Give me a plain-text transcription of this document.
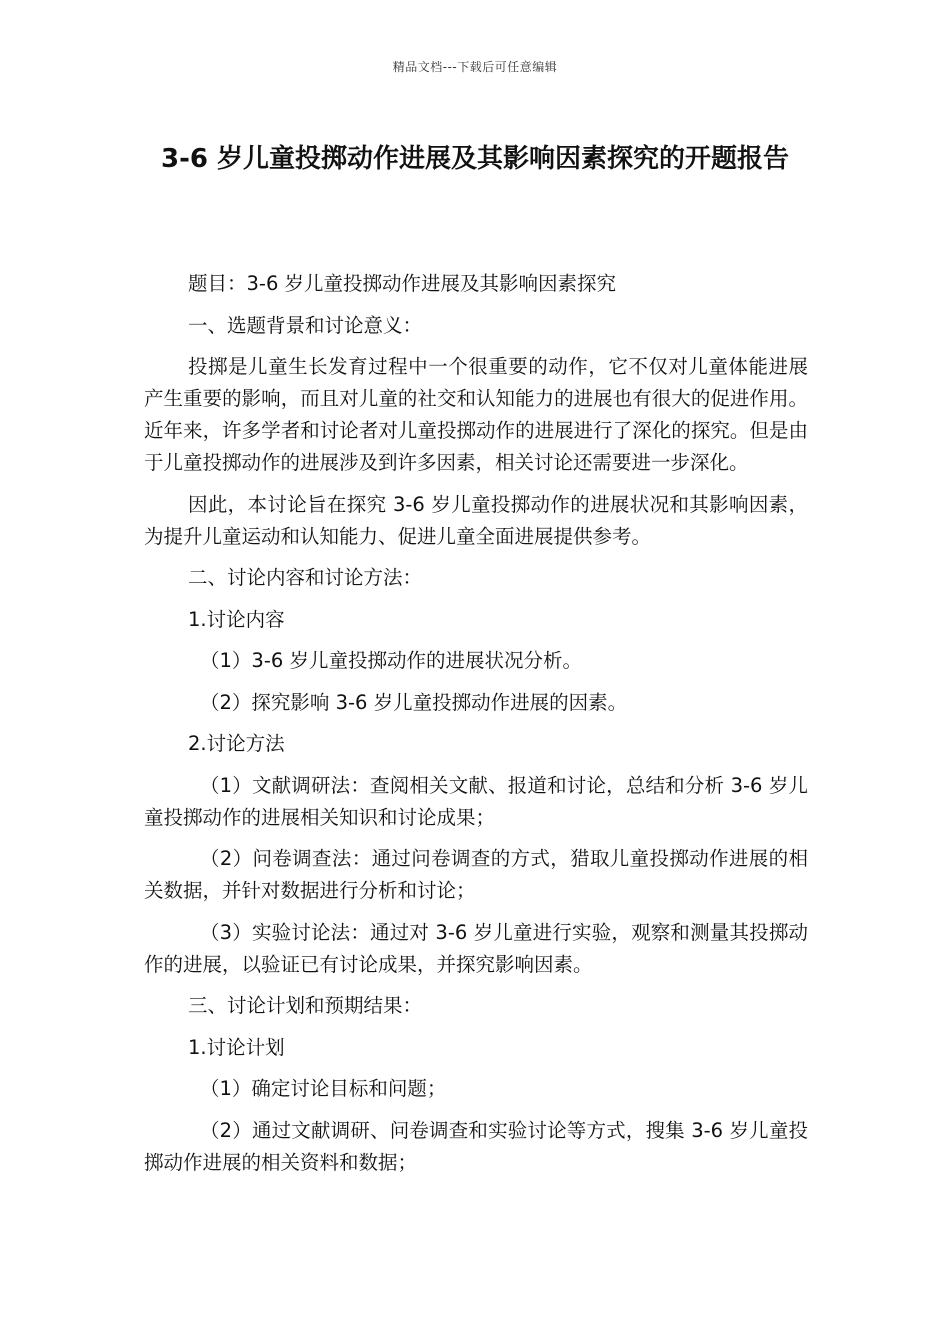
精品文档---下载后可任意编辑
3-6 岁儿童投掷动作进展及其影响因素探究的开题报告

题目：3-6 岁儿童投掷动作进展及其影响因素探究

一、选题背景和讨论意义：

投掷是儿童生长发育过程中一个很重要的动作，它不仅对儿童体能进展产生重要的影响，而且对儿童的社交和认知能力的进展也有很大的促进作用。近年来，许多学者和讨论者对儿童投掷动作的进展进行了深化的探究。但是由于儿童投掷动作的进展涉及到许多因素，相关讨论还需要进一步深化。

因此，本讨论旨在探究 3-6 岁儿童投掷动作的进展状况和其影响因素，为提升儿童运动和认知能力、促进儿童全面进展提供参考。

二、讨论内容和讨论方法：

1.讨论内容

（1）3-6 岁儿童投掷动作的进展状况分析。

（2）探究影响 3-6 岁儿童投掷动作进展的因素。

2.讨论方法

（1）文献调研法：查阅相关文献、报道和讨论，总结和分析 3-6 岁儿童投掷动作的进展相关知识和讨论成果；

（2）问卷调查法：通过问卷调查的方式，猎取儿童投掷动作进展的相关数据，并针对数据进行分析和讨论；

（3）实验讨论法：通过对 3-6 岁儿童进行实验，观察和测量其投掷动作的进展，以验证已有讨论成果，并探究影响因素。

三、讨论计划和预期结果：

1.讨论计划

（1）确定讨论目标和问题；

（2）通过文献调研、问卷调查和实验讨论等方式，搜集 3-6 岁儿童投掷动作进展的相关资料和数据；
